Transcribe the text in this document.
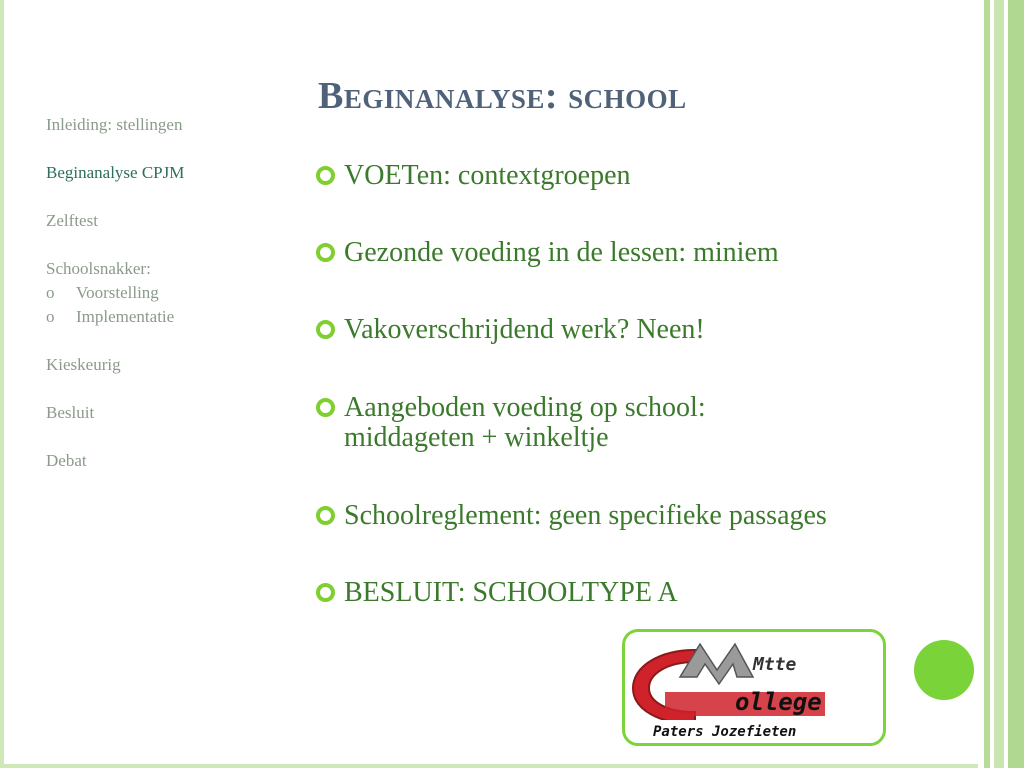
Inleiding: stellingen
Beginanalyse CPJM
Zelftest
Schoolsnakker:
o Voorstelling
o Implementatie
Kieskeurig
Besluit
Debat
Beginanalyse: school
VOETen: contextgroepen
Gezonde voeding in de lessen: miniem
Vakoverschrijdend werk? Neen!
Aangeboden voeding op school:
middageten + winkeltje
Schoolreglement: geen specifieke passages
BESLUIT: SCHOOLTYPE A
Mtte
ollege
Paters Jozefieten
